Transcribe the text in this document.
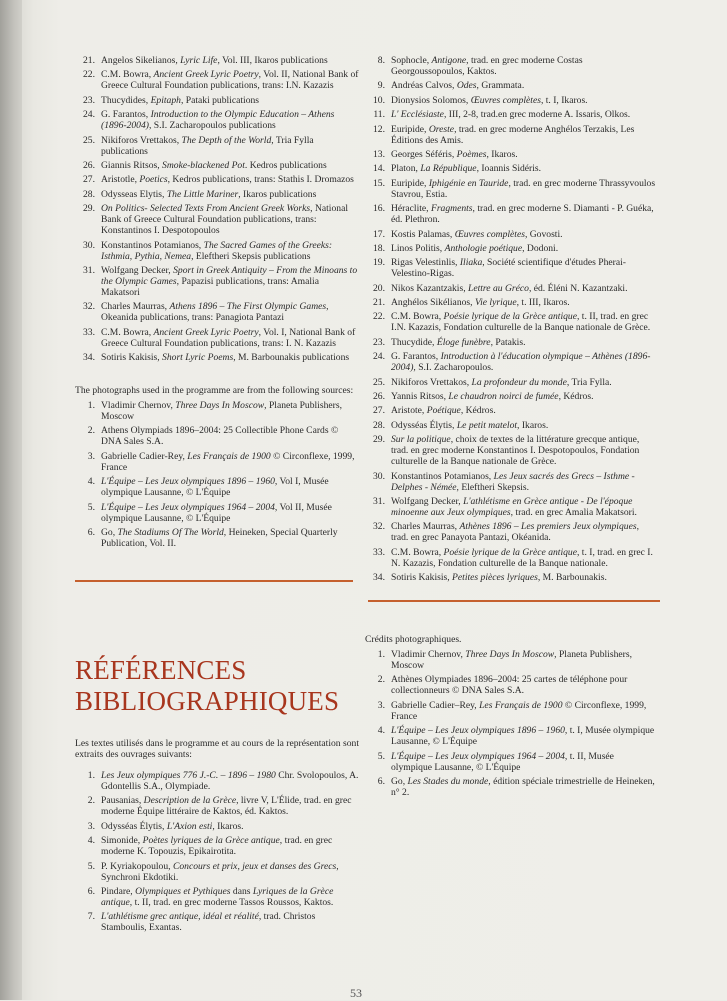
21. Angelos Sikelianos, Lyric Life, Vol. III, Ikaros publications
22. C.M. Bowra, Ancient Greek Lyric Poetry, Vol. II, National Bank of Greece Cultural Foundation publications, trans: I.N. Kazazis
23. Thucydides, Epitaph, Pataki publications
24. G. Farantos, Introduction to the Olympic Education – Athens (1896-2004), S.I. Zacharopoulos publications
25. Nikiforos Vrettakos, The Depth of the World, Tria Fylla publications
26. Giannis Ritsos, Smoke-blackened Pot. Kedros publications
27. Aristotle, Poetics, Kedros publications, trans: Stathis I. Dromazos
28. Odysseas Elytis, The Little Mariner, Ikaros publications
29. On Politics- Selected Texts From Ancient Greek Works, National Bank of Greece Cultural Foundation publications, trans: Konstantinos I. Despotopoulos
30. Konstantinos Potamianos, The Sacred Games of the Greeks: Isthmia, Pythia, Nemea, Eleftheri Skepsis publications
31. Wolfgang Decker, Sport in Greek Antiquity – From the Minoans to the Olympic Games, Papazisi publications, trans: Amalia Makatsori
32. Charles Maurras, Athens 1896 – The First Olympic Games, Okeanida publications, trans: Panagiota Pantazi
33. C.M. Bowra, Ancient Greek Lyric Poetry, Vol. I, National Bank of Greece Cultural Foundation publications, trans: I. N. Kazazis
34. Sotiris Kakisis, Short Lyric Poems, M. Barbounakis publications

The photographs used in the programme are from the following sources:

1. Vladimir Chernov, Three Days In Moscow, Planeta Publishers, Moscow
2. Athens Olympiads 1896–2004: 25 Collectible Phone Cards © DNA Sales S.A.
3. Gabrielle Cadier-Rey, Les Français de 1900 © Circonflexe, 1999, France
4. L'Équipe – Les Jeux olympiques 1896 – 1960, Vol I, Musée olympique Lausanne, © L'Équipe
5. L'Équipe – Les Jeux olympiques 1964 – 2004, Vol II, Musée olympique Lausanne, © L'Équipe
6. Go, The Stadiums Of The World, Heineken, Special Quarterly Publication, Vol. II.
RÉFÉRENCES BIBLIOGRAPHIQUES

Les textes utilisés dans le programme et au cours de la représentation sont extraits des ouvrages suivants:

1. Les Jeux olympiques 776 J.-C. – 1896 – 1980 Chr. Svolopoulos, A. Gdontellis S.A., Olympiade.
2. Pausanias, Description de la Grèce, livre V, L'Élide, trad. en grec moderne Équipe littéraire de Kaktos, éd. Kaktos.
3. Odysséas Élytis, L'Axion esti, Ikaros.
4. Simonide, Poètes lyriques de la Grèce antique, trad. en grec moderne K. Topouzis, Epikairotita.
5. P. Kyriakopoulou, Concours et prix, jeux et danses des Grecs, Synchroni Ekdotiki.
6. Pindare, Olympiques et Pythiques dans Lyriques de la Grèce antique, t. II, trad. en grec moderne Tassos Roussos, Kaktos.
7. L'athlétisme grec antique, idéal et réalité, trad. Christos Stamboulis, Exantas.
8. Sophocle, Antigone, trad. en grec moderne Costas Georgoussopoulos, Kaktos.
9. Andréas Calvos, Odes, Grammata.
10. Dionysios Solomos, Œuvres complètes, t. I, Ikaros.
11. L' Ecclésiaste, III, 2-8, trad.en grec moderne A. Issaris, Olkos.
12. Euripide, Oreste, trad. en grec moderne Anghélos Terzakis, Les Éditions des Amis.
13. Georges Séféris, Poèmes, Ikaros.
14. Platon, La République, Ioannis Sidéris.
15. Euripide, Iphigénie en Tauride, trad. en grec moderne Thrassyvoulos Stavrou, Estia.
16. Héraclite, Fragments, trad. en grec moderne S. Diamanti - P. Guéka, éd. Plethron.
17. Kostis Palamas, Œuvres complètes, Govosti.
18. Linos Politis, Anthologie poétique, Dodoni.
19. Rigas Velestinlis, Iliaka, Société scientifique d'études Pherai-Velestino-Rigas.
20. Nikos Kazantzakis, Lettre au Gréco, éd. Éléni N. Kazantzaki.
21. Anghélos Sikélianos, Vie lyrique, t. III, Ikaros.
22. C.M. Bowra, Poésie lyrique de la Grèce antique, t. II, trad. en grec I.N. Kazazis, Fondation culturelle de la Banque nationale de Grèce.
23. Thucydide, Éloge funèbre, Patakis.
24. G. Farantos, Introduction à l'éducation olympique – Athènes (1896-2004), S.I. Zacharopoulos.
25. Nikiforos Vrettakos, La profondeur du monde, Tria Fylla.
26. Yannis Ritsos, Le chaudron noirci de fumée, Kédros.
27. Aristote, Poétique, Kédros.
28. Odysséas Élytis, Le petit matelot, Ikaros.
29. Sur la politique, choix de textes de la littérature grecque antique, trad. en grec moderne Konstantinos I. Despotopoulos, Fondation culturelle de la Banque nationale de Grèce.
30. Konstantinos Potamianos, Les Jeux sacrés des Grecs – Isthme - Delphes - Némée, Eleftheri Skepsis.
31. Wolfgang Decker, L'athlétisme en Grèce antique - De l'époque minoenne aux Jeux olympiques, trad. en grec Amalia Makatsori.
32. Charles Maurras, Athènes 1896 – Les premiers Jeux olympiques, trad. en grec Panayota Pantazi, Okéanida.
33. C.M. Bowra, Poésie lyrique de la Grèce antique, t. I, trad. en grec I. N. Kazazis, Fondation culturelle de la Banque nationale.
34. Sotiris Kakisis, Petites pièces lyriques, M. Barbounakis.

Crédits photographiques.

1. Vladimir Chernov, Three Days In Moscow, Planeta Publishers, Moscow
2. Athènes Olympiades 1896–2004: 25 cartes de téléphone pour collectionneurs © DNA Sales S.A.
3. Gabrielle Cadier–Rey, Les Français de 1900 © Circonflexe, 1999, France
4. L'Équipe – Les Jeux olympiques 1896 – 1960, t. I, Musée olympique Lausanne, © L'Équipe
5. L'Équipe – Les Jeux olympiques 1964 – 2004, t. II, Musée olympique Lausanne, © L'Équipe
6. Go, Les Stades du monde, édition spéciale trimestrielle de Heineken, n° 2.
53
